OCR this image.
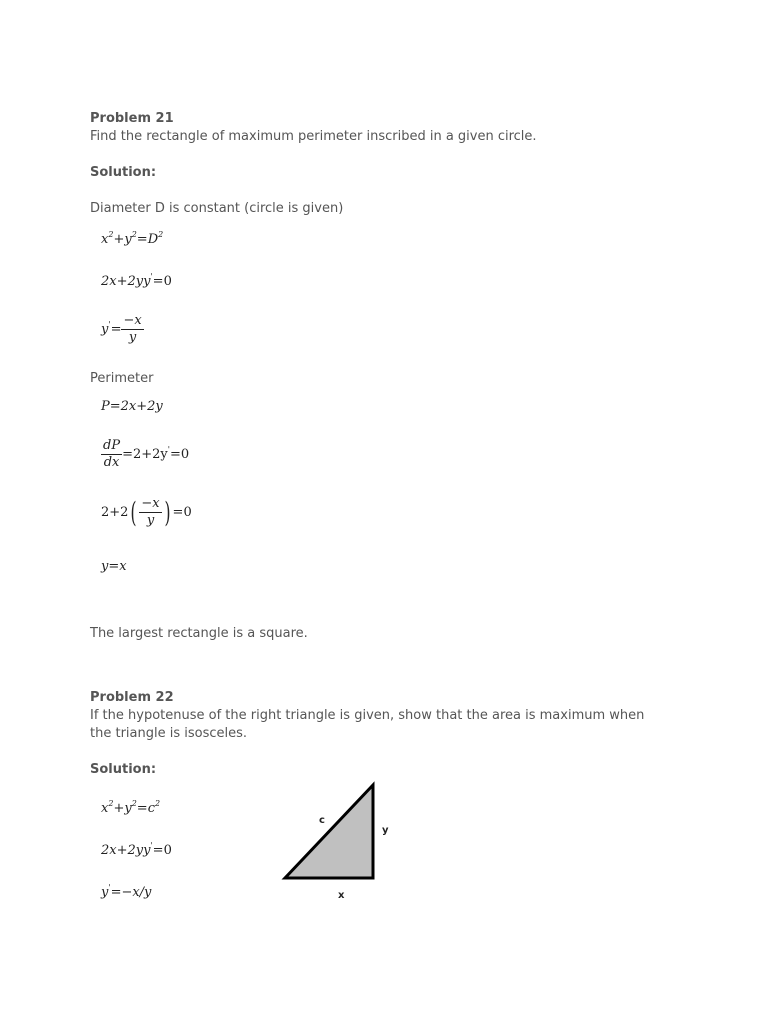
Problem 21
Find the rectangle of maximum perimeter inscribed in a given circle.
Solution:
Diameter D is constant (circle is given)
$x^2+y^2=D^2$
2x+2yy'=0
$y'= \frac{-x}{y}$
Perimeter
P=2x+2y
$\frac{dP}{dx} =2+2y'=0$
$2+2( \frac{-x}{y}$ ) =0
y=x
The largest rectangle is a square.
Problem 22
If the hypotenuse of the right triangle is given, show that the area is maximum when
the triangle is isosceles.
Solution:
$x^2+y^2=c^2$
2x+2yy'=0
y'=−x/y
c
y
x
